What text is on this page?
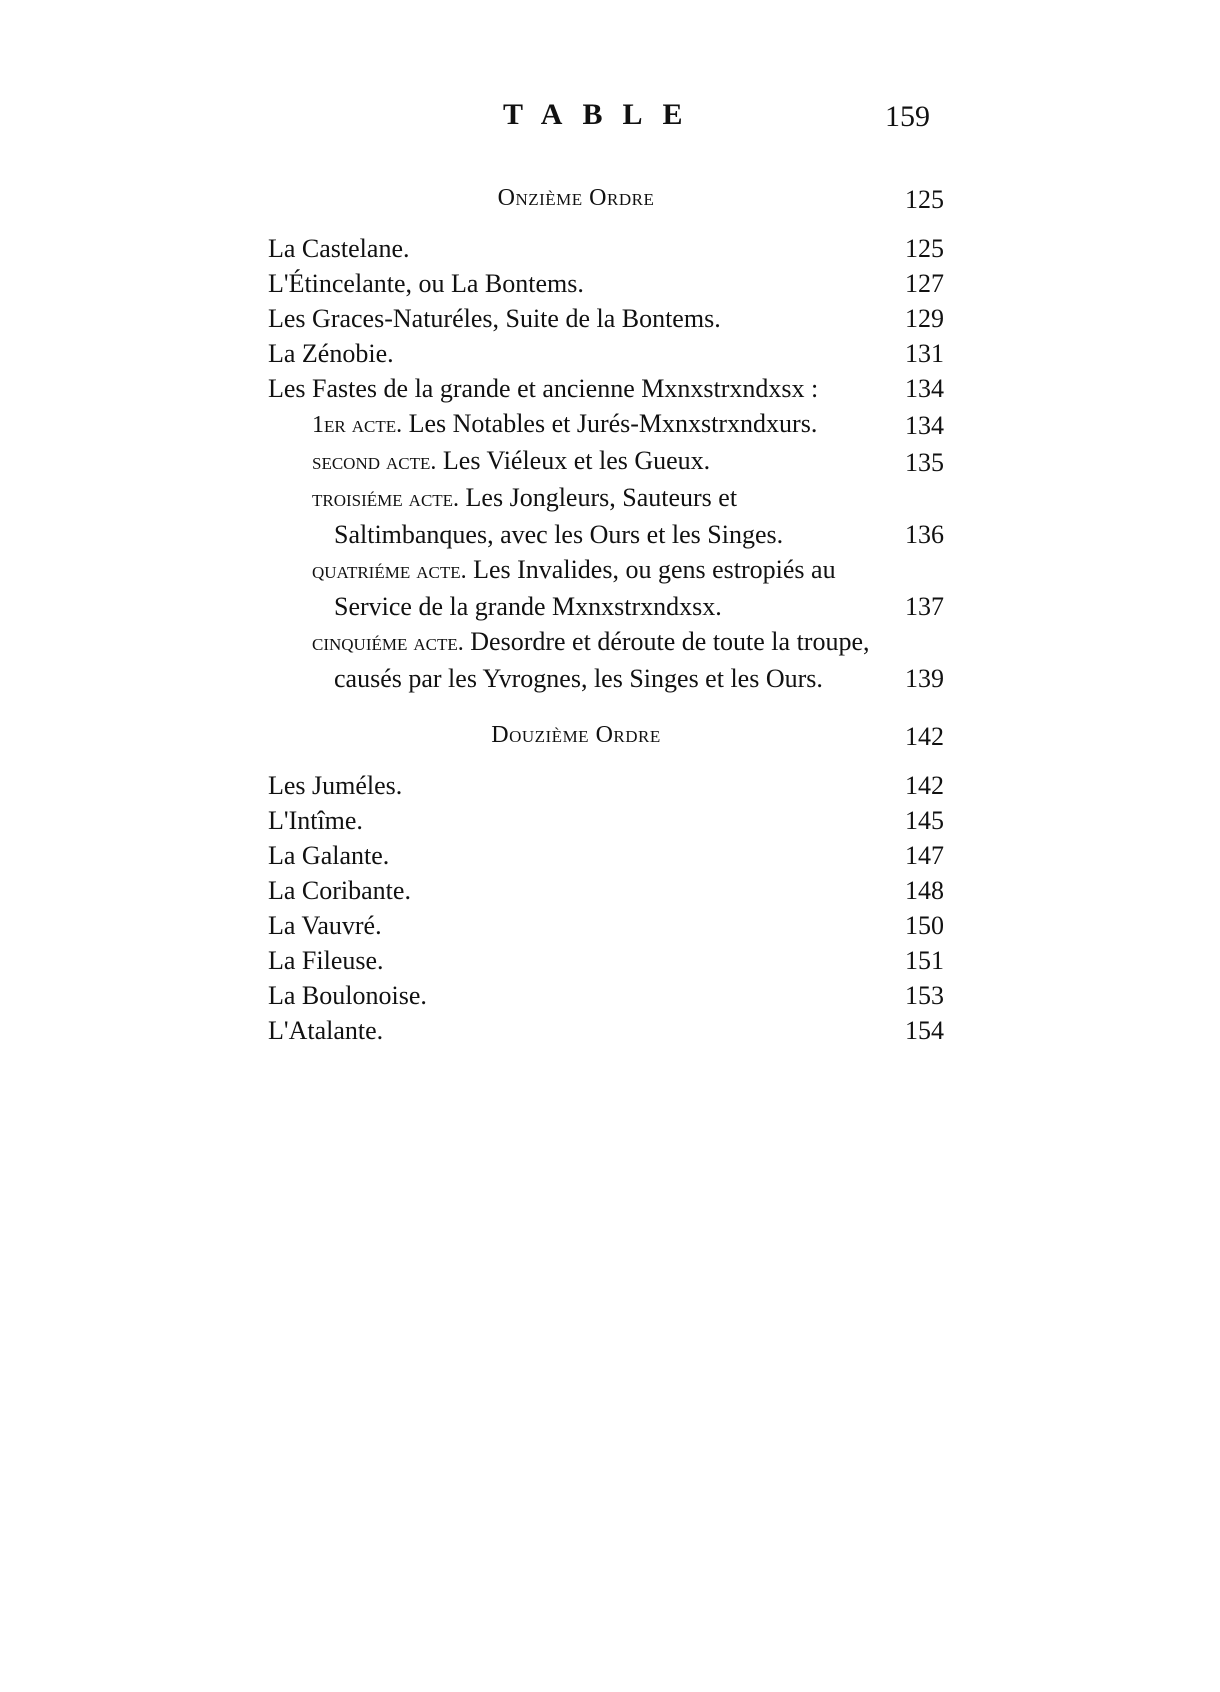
TABLE	159
Onzième Ordre	125
La Castelane.	125
L'Étincelante, ou La Bontems.	127
Les Graces-Naturéles, Suite de la Bontems.	129
La Zénobie.	131
Les Fastes de la grande et ancienne Mxnxstrxndxsx :	134
1er acte. Les Notables et Jurés-Mxnxstrxndxurs.	134
second acte. Les Viéleux et les Gueux.	135
troisiéme acte. Les Jongleurs, Sauteurs et Saltimbanques, avec les Ours et les Singes.	136
quatriéme acte. Les Invalides, ou gens estropiés au Service de la grande Mxnxstrxndxsx.	137
cinquiéme acte. Desordre et déroute de toute la troupe, causés par les Yvrognes, les Singes et les Ours.	139
Douzième Ordre	142
Les Juméles.	142
L'Intîme.	145
La Galante.	147
La Coribante.	148
La Vauvré.	150
La Fileuse.	151
La Boulonoise.	153
L'Atalante.	154
